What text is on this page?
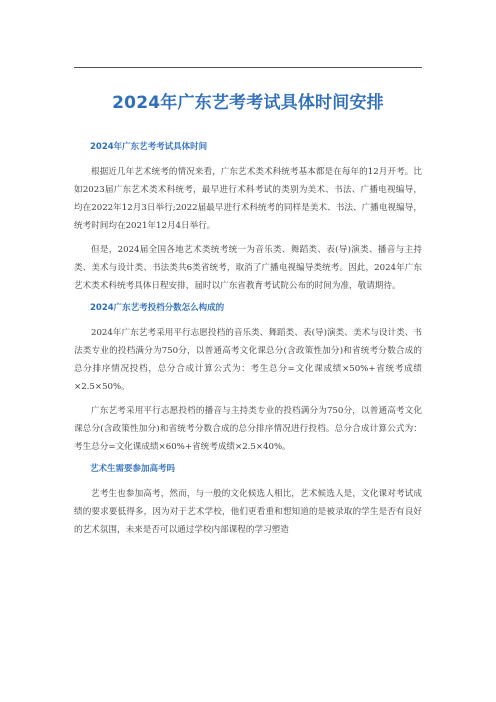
2024年广东艺考考试具体时间安排
2024年广东艺考考试具体时间

根据近几年艺术统考的情况来看，广东艺术类术科统考基本都是在每年的12月开考。比如2023届广东艺术类术科统考，最早进行术科考试的类别为美术、书法、广播电视编导，均在2022年12月3日举行;2022届最早进行术科统考的同样是美术、书法、广播电视编导，统考时间均在2021年12月4日举行。

但是，2024届全国各地艺术类统考统一为音乐类、舞蹈类、表(导)演类、播音与主持类、美术与设计类、书法类共6类省统考，取消了广播电视编导类统考。因此，2024年广东艺术类术科统考具体日程安排，届时以广东省教育考试院公布的时间为准，敬请期待。

2024广东艺考投档分数怎么构成的

2024年广东艺考采用平行志愿投档的音乐类、舞蹈类、表(导)演类、美术与设计类、书法类专业的投档满分为750分，以普通高考文化课总分(含政策性加分)和省统考分数合成的总分排序情况投档，总分合成计算公式为：考生总分=文化课成绩×50%+省统考成绩×2.5×50%。

广东艺考采用平行志愿投档的播音与主持类专业的投档满分为750分，以普通高考文化课总分(含政策性加分)和省统考分数合成的总分排序情况进行投档。总分合成计算公式为：考生总分=文化课成绩×60%+省统考成绩×2.5×40%。

艺术生需要参加高考吗

艺考生也参加高考，然而，与一般的文化候选人相比，艺术候选人是，文化课对考试成绩的要求要低得多，因为对于艺术学校，他们更看重和想知道的是被录取的学生是否有良好的艺术氛围，未来是否可以通过学校内部课程的学习塑造
